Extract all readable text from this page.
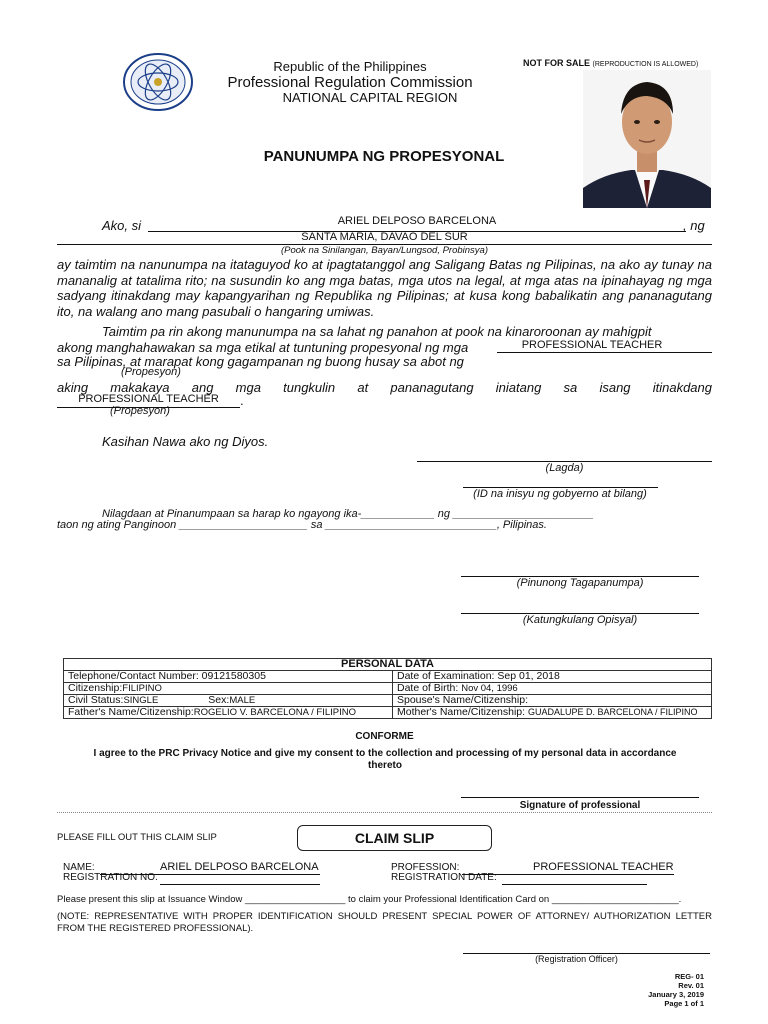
Republic of the Philippines
Professional Regulation Commission
NATIONAL CAPITAL REGION
NOT FOR SALE (REPRODUCTION IS ALLOWED)
PANUNUMPA NG PROPESYONAL
Ako, si	ARIEL DELPOSO BARCELONA	, ng
SANTA MARIA, DAVAO DEL SUR
(Pook na Sinilangan, Bayan/Lungsod, Probinsya)
ay taimtim na nanunumpa na itataguyod ko at ipagtatanggol ang Saligang Batas ng Pilipinas, na ako ay tunay na mananalig at tatalima rito; na susundin ko ang mga batas, mga utos na legal, at mga atas na ipinahayag ng mga sadyang itinakdang may kapangyarihan ng Republika ng Pilipinas; at kusa kong babalikatin ang pananagutang ito, na walang ano mang pasubali o hangaring umiwas.
Taimtim pa rin akong manunumpa na sa lahat ng panahon at pook na kinaroroonan ay mahigpit
akong manghahawakan sa mga etikal at tuntuning propesyonal ng mga	PROFESSIONAL TEACHER
sa Pilipinas, at marapat kong gagampanan ng buong husay sa abot ng
(Propesyon)
aking makakaya ang mga tungkulin at pananagutang iniatang sa isang itinakdang
PROFESSIONAL TEACHER	.
(Propesyon)
Kasihan Nawa ako ng Diyos.
(Lagda)
(ID na inisyu ng gobyerno at bilang)
Nilagdaan at Pinanumpaan sa harap ko ngayong ika-____________ ng _______________________
taon ng ating Panginoon _____________________ sa ____________________________, Pilipinas.
(Pinunong Tagapanumpa)
(Katungkulang Opisyal)
PERSONAL DATA	
Telephone/Contact Number: 09121580305	Date of Examination: Sep 01, 2018
Citizenship:FILIPINO	Date of Birth: Nov 04, 1996
Civil Status:SINGLE Sex:MALE	Spouse's Name/Citizenship:
Father's Name/Citizenship:ROGELIO V. BARCELONA / FILIPINO	Mother's Name/Citizenship: GUADALUPE D. BARCELONA / FILIPINO
CONFORME
I agree to the PRC Privacy Notice and give my consent to the collection and processing of my personal data in accordance thereto
Signature of professional
PLEASE FILL OUT THIS CLAIM SLIP	CLAIM SLIP
NAME:	ARIEL DELPOSO BARCELONA
REGISTRATION NO.
PROFESSION:	PROFESSIONAL TEACHER
REGISTRATION DATE:
Please present this slip at Issuance Window ___________________ to claim your Professional Identification Card on ________________________.
(NOTE: REPRESENTATIVE WITH PROPER IDENTIFICATION SHOULD PRESENT SPECIAL POWER OF ATTORNEY/ AUTHORIZATION LETTER FROM THE REGISTERED PROFESSIONAL).
(Registration Officer)
REG- 01
Rev. 01
January 3, 2019
Page 1 of 1
